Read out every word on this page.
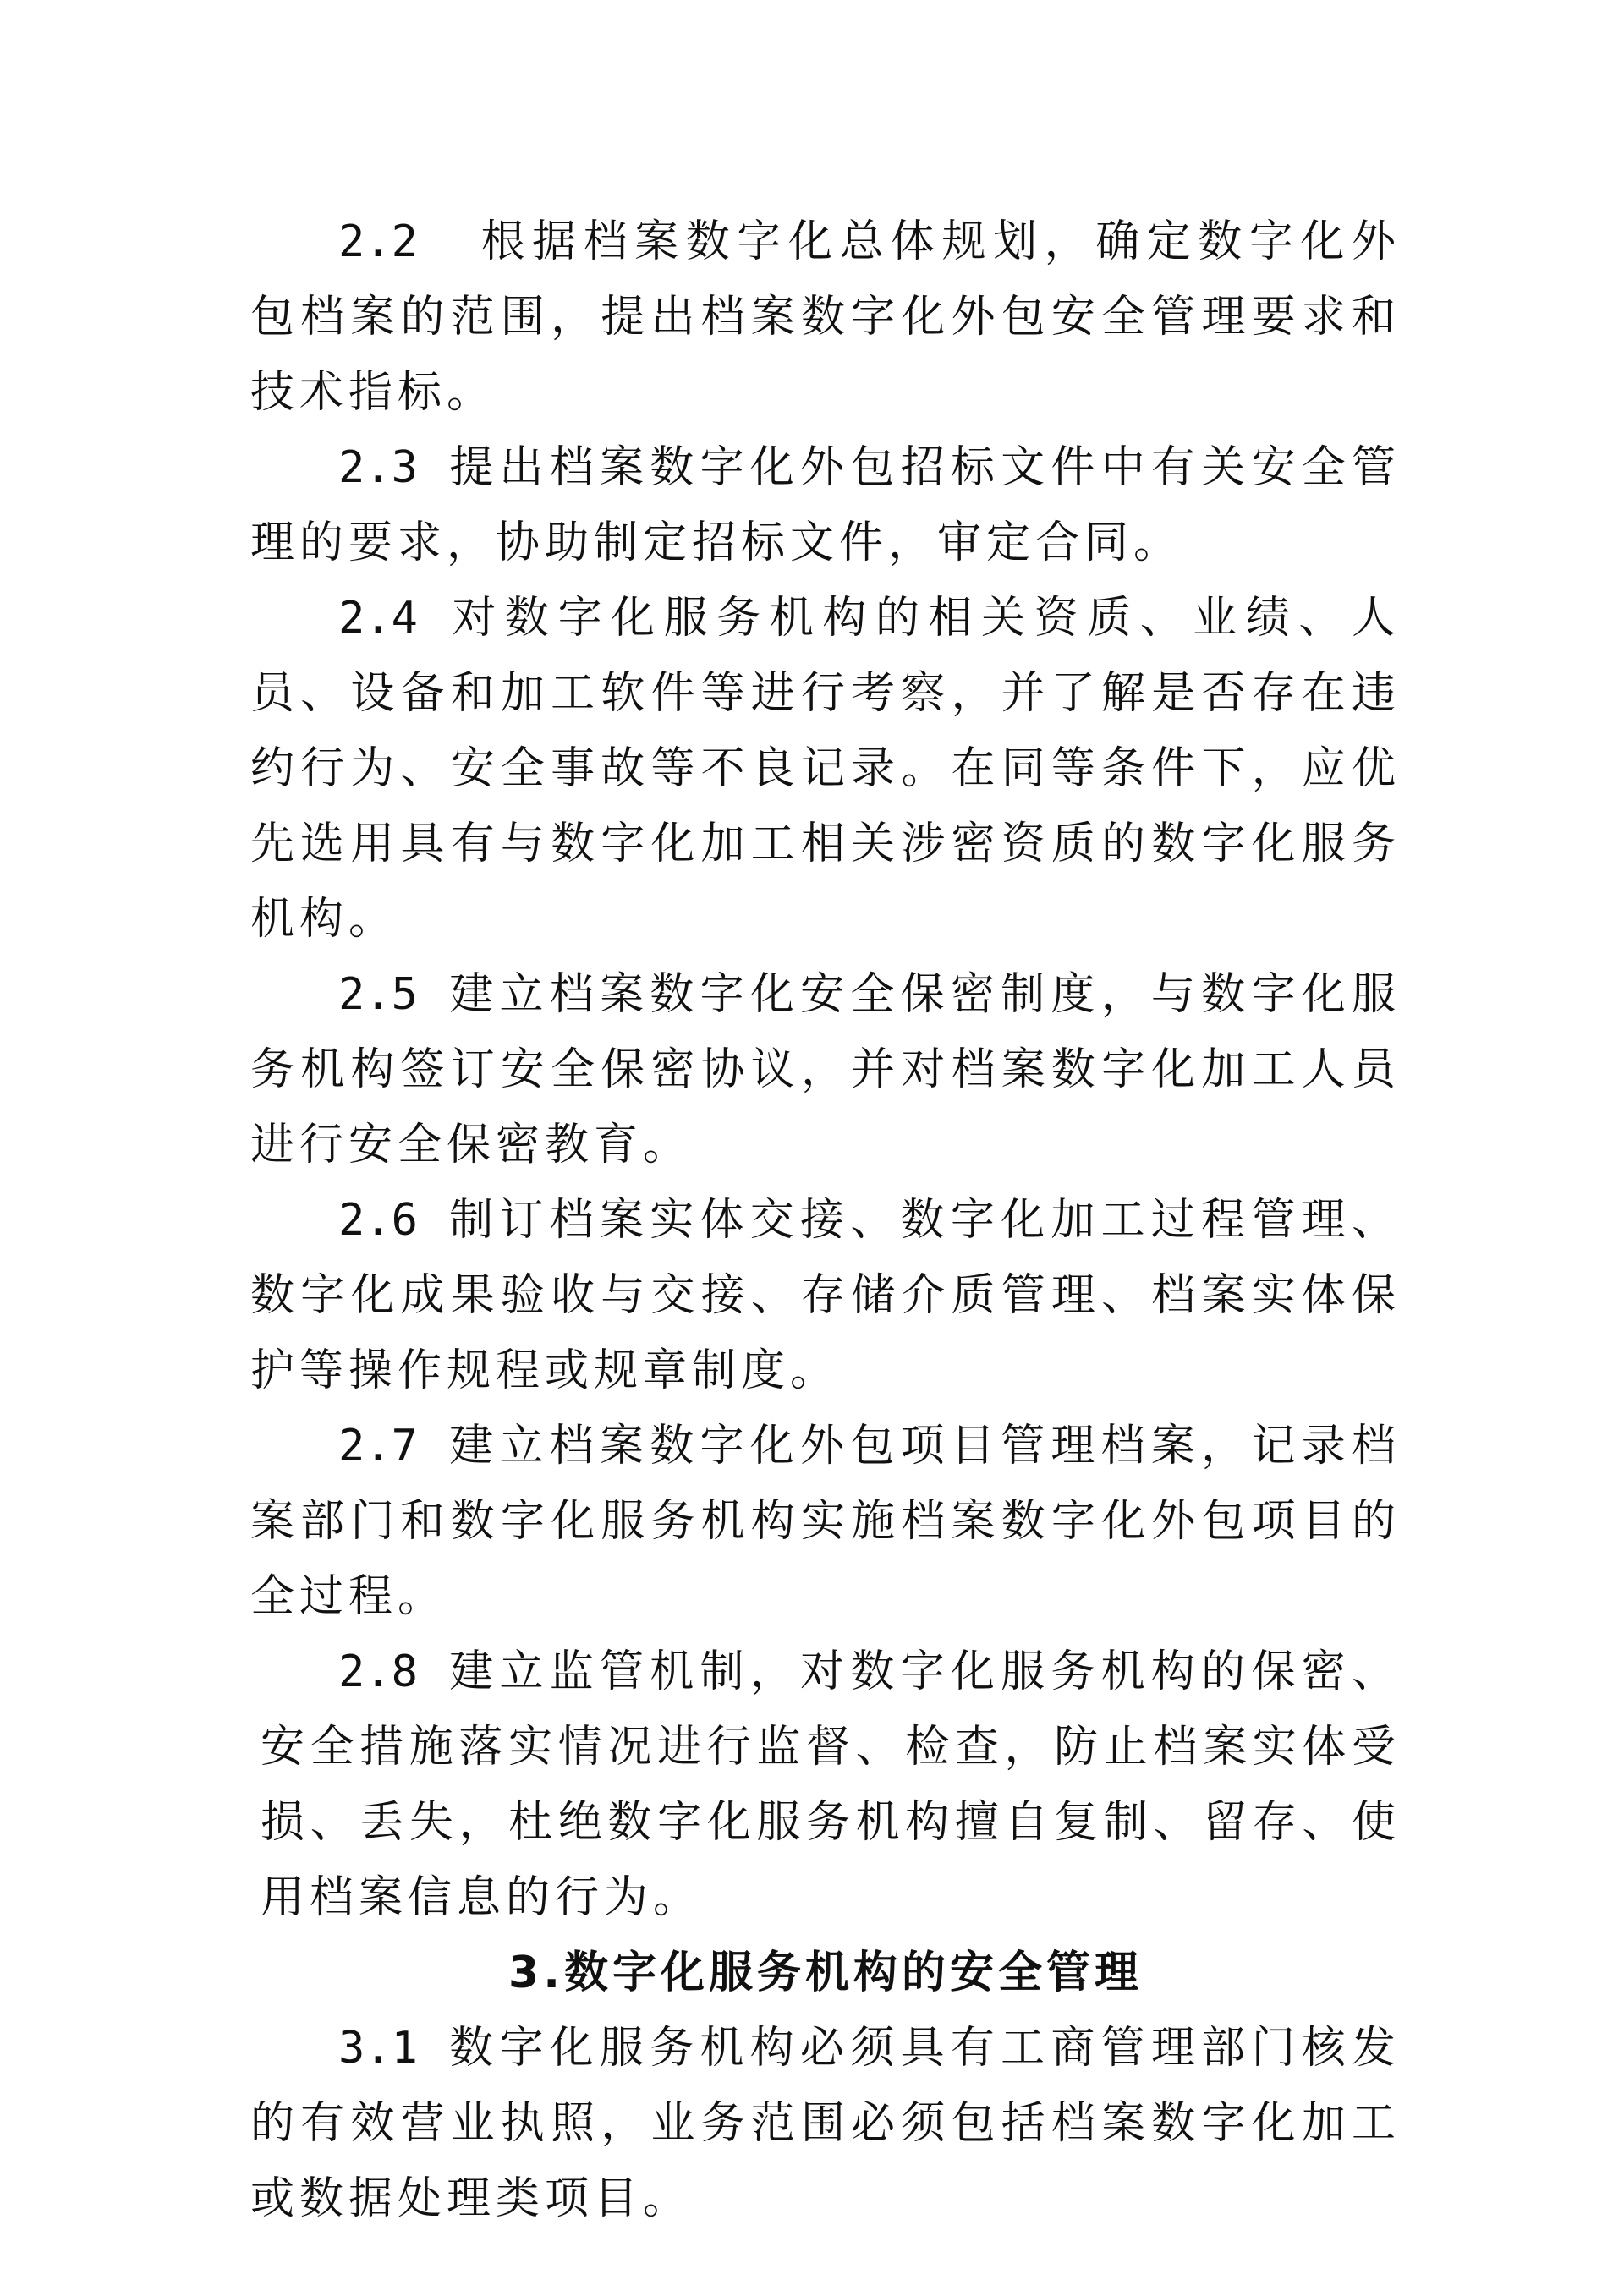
2.2 根据档案数字化总体规划，确定数字化外包档案的范围，提出档案数字化外包安全管理要求和技术指标。

2.3 提出档案数字化外包招标文件中有关安全管理的要求，协助制定招标文件，审定合同。

2.4 对数字化服务机构的相关资质、业绩、人员、设备和加工软件等进行考察，并了解是否存在违约行为、安全事故等不良记录。在同等条件下，应优先选用具有与数字化加工相关涉密资质的数字化服务机构。

2.5 建立档案数字化安全保密制度，与数字化服务机构签订安全保密协议，并对档案数字化加工人员进行安全保密教育。

2.6 制订档案实体交接、数字化加工过程管理、数字化成果验收与交接、存储介质管理、档案实体保护等操作规程或规章制度。

2.7 建立档案数字化外包项目管理档案，记录档案部门和数字化服务机构实施档案数字化外包项目的全过程。

2.8 建立监管机制，对数字化服务机构的保密、安全措施落实情况进行监督、检查，防止档案实体受损、丢失，杜绝数字化服务机构擅自复制、留存、使用档案信息的行为。

3.数字化服务机构的安全管理

3.1 数字化服务机构必须具有工商管理部门核发的有效营业执照，业务范围必须包括档案数字化加工或数据处理类项目。
